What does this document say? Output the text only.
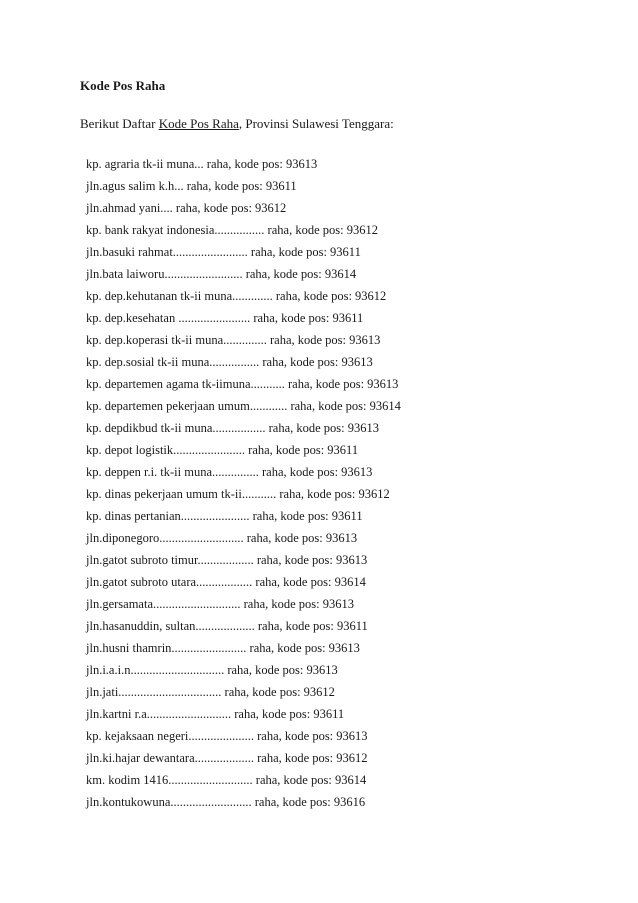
Kode Pos Raha
Berikut Daftar Kode Pos Raha, Provinsi Sulawesi Tenggara:
kp. agraria tk-ii muna... raha, kode pos: 93613
jln.agus salim k.h... raha, kode pos: 93611
jln.ahmad yani.... raha, kode pos: 93612
kp. bank rakyat indonesia................ raha, kode pos: 93612
jln.basuki rahmat........................ raha, kode pos: 93611
jln.bata laiworu......................... raha, kode pos: 93614
kp. dep.kehutanan tk-ii muna............. raha, kode pos: 93612
kp. dep.kesehatan ....................... raha, kode pos: 93611
kp. dep.koperasi tk-ii muna.............. raha, kode pos: 93613
kp. dep.sosial tk-ii muna................ raha, kode pos: 93613
kp. departemen agama tk-iimuna........... raha, kode pos: 93613
kp. departemen pekerjaan umum............ raha, kode pos: 93614
kp. depdikbud tk-ii muna................. raha, kode pos: 93613
kp. depot logistik....................... raha, kode pos: 93611
kp. deppen r.i. tk-ii muna............... raha, kode pos: 93613
kp. dinas pekerjaan umum tk-ii........... raha, kode pos: 93612
kp. dinas pertanian...................... raha, kode pos: 93611
jln.diponegoro........................... raha, kode pos: 93613
jln.gatot subroto timur.................. raha, kode pos: 93613
jln.gatot subroto utara.................. raha, kode pos: 93614
jln.gersamata............................ raha, kode pos: 93613
jln.hasanuddin, sultan................... raha, kode pos: 93611
jln.husni thamrin........................ raha, kode pos: 93613
jln.i.a.i.n.............................. raha, kode pos: 93613
jln.jati................................. raha, kode pos: 93612
jln.kartni r.a........................... raha, kode pos: 93611
kp. kejaksaan negeri..................... raha, kode pos: 93613
jln.ki.hajar dewantara................... raha, kode pos: 93612
km. kodim 1416........................... raha, kode pos: 93614
jln.kontukowuna.......................... raha, kode pos: 93616
